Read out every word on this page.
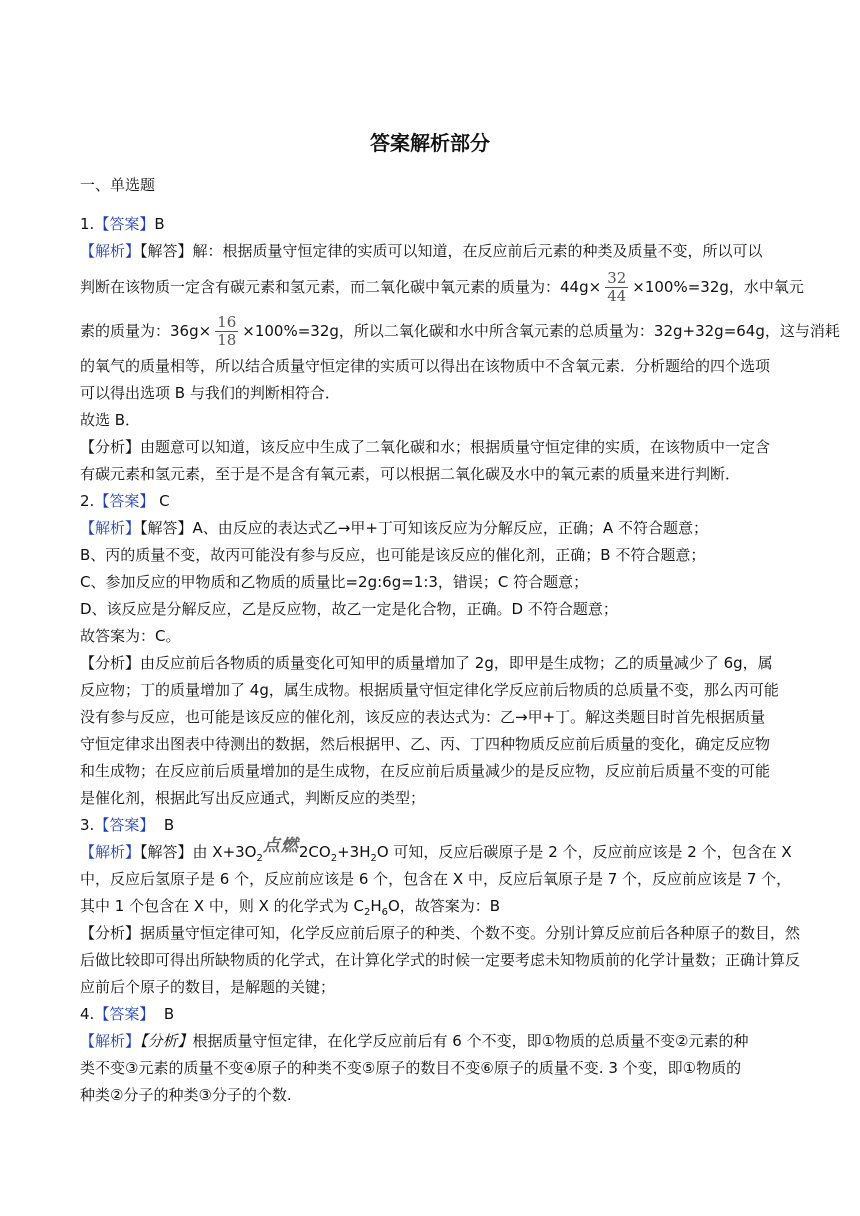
答案解析部分
一、单选题

1.【答案】B

【解析】【解答】解：根据质量守恒定律的实质可以知道，在反应前后元素的种类及质量不变，所以可以

判断在该物质一定含有碳元素和氢元素，而二氧化碳中氧元素的质量为：$44g\times \frac{32}{44} \times 100\%=32g$，水中氧元

素的质量为：$36g\times \frac{16}{18} \times 100\%=32g$，所以二氧化碳和水中所含氧元素的总质量为：32g+32g=64g，这与消耗

的氧气的质量相等，所以结合质量守恒定律的实质可以得出在该物质中不含氧元素．分析题给的四个选项

可以得出选项 B 与我们的判断相符合．

故选 B．

【分析】由题意可以知道，该反应中生成了二氧化碳和水；根据质量守恒定律的实质，在该物质中一定含

有碳元素和氢元素，至于是不是含有氧元素，可以根据二氧化碳及水中的氧元素的质量来进行判断．

2.【答案】 C

【解析】【解答】A、由反应的表达式乙→甲+丁可知该反应为分解反应，正确；A 不符合题意；

B、丙的质量不变，故丙可能没有参与反应，也可能是该反应的催化剂，正确；B 不符合题意；

C、参加反应的甲物质和乙物质的质量比=2g:6g=1:3，错误；C 符合题意；

D、该反应是分解反应，乙是反应物，故乙一定是化合物，正确。D 不符合题意；

故答案为：C。

【分析】由反应前后各物质的质量变化可知甲的质量增加了 2g，即甲是生成物；乙的质量减少了 6g，属

反应物；丁的质量增加了 4g，属生成物。根据质量守恒定律化学反应前后物质的总质量不变，那么丙可能

没有参与反应，也可能是该反应的催化剂，该反应的表达式为：乙→甲+丁。解这类题目时首先根据质量

守恒定律求出图表中待测出的数据，然后根据甲、乙、丙、丁四种物质反应前后质量的变化，确定反应物

和生成物；在反应前后质量增加的是生成物，在反应前后质量减少的是反应物，反应前后质量不变的可能

是催化剂，根据此写出反应通式，判断反应的类型；

3.【答案】  B

【解析】【解答】由 $X+3O_2$点燃$2CO_2+3H_2O$ 可知，反应后碳原子是 2 个，反应前应该是 2 个，包含在 X

中，反应后氢原子是 6 个，反应前应该是 6 个，包含在 X 中，反应后氧原子是 7 个，反应前应该是 7 个，

其中 1 个包含在 X 中，则 X 的化学式为 $C_2H_6O$，故答案为：B

【分析】据质量守恒定律可知，化学反应前后原子的种类、个数不变。分别计算反应前后各种原子的数目，然

后做比较即可得出所缺物质的化学式，在计算化学式的时候一定要考虑未知物质前的化学计量数；正确计算反

应前后个原子的数目，是解题的关键；

4.【答案】  B

【解析】【分析】根据质量守恒定律，在化学反应前后有 6 个不变，即①物质的总质量不变②元素的种

类不变③元素的质量不变④原子的种类不变⑤原子的数目不变⑥原子的质量不变. 3 个变，即①物质的

种类②分子的种类③分子的个数.
